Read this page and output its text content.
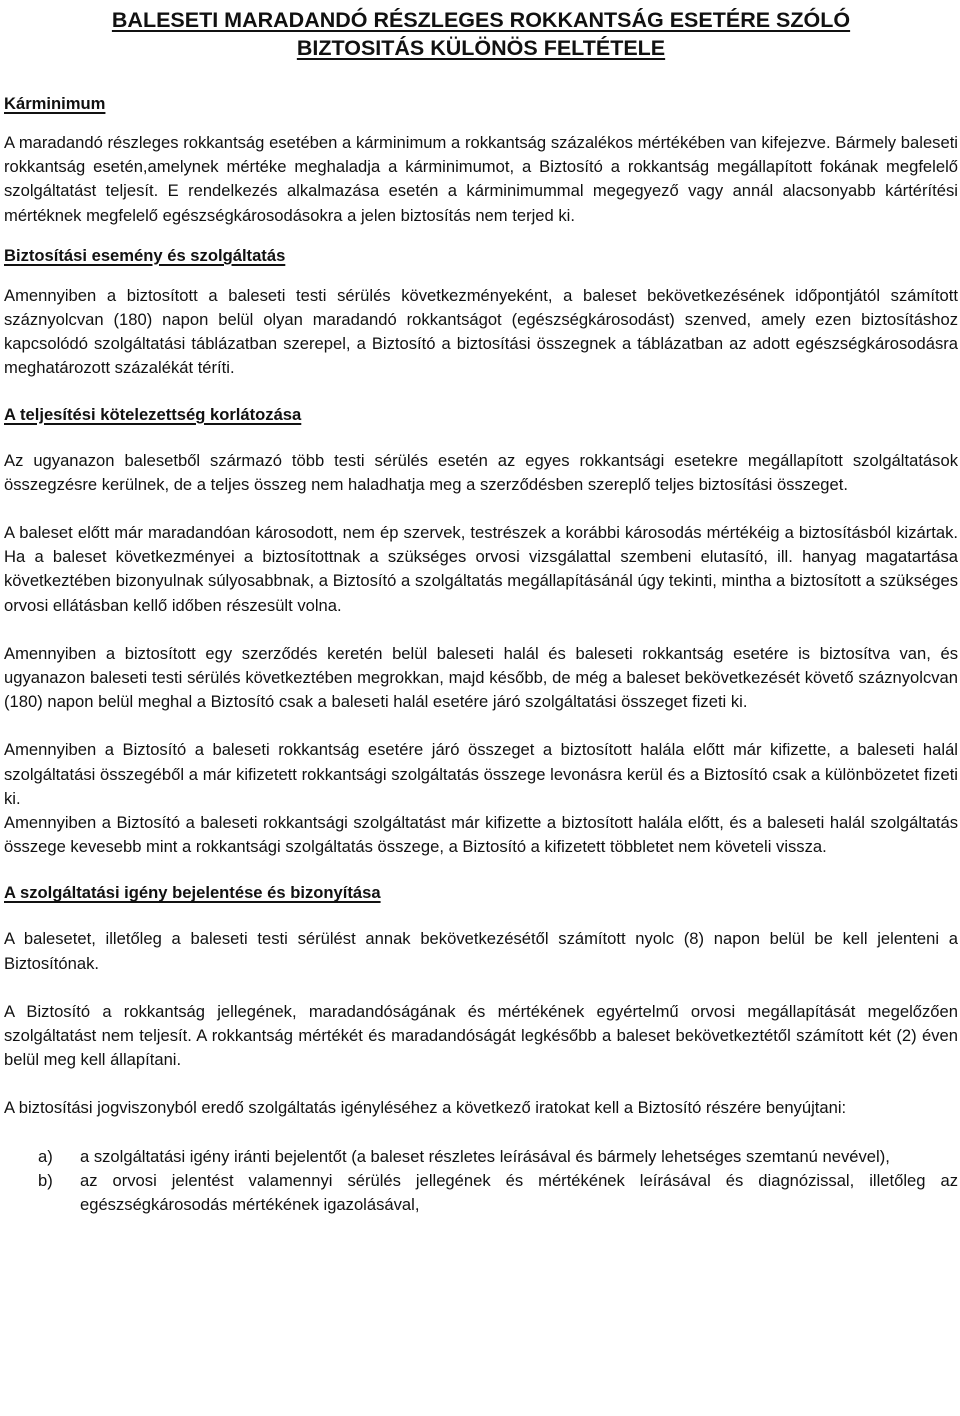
BALESETI MARADANDÓ RÉSZLEGES ROKKANTSÁG ESETÉRE SZÓLÓ
BIZTOSITÁS KÜLÖNÖS FELTÉTELE
Kárminimum

A maradandó részleges rokkantság esetében a kárminimum a rokkantság százalékos mértékében van kifejezve. Bármely baleseti rokkantság esetén,amelynek mértéke meghaladja a kárminimumot, a Biztosító a rokkantság megállapított fokának megfelelő szolgáltatást teljesít. E rendelkezés alkalmazása esetén a kárminimummal megegyező vagy annál alacsonyabb kártérítési mértéknek megfelelő egészségkárosodásokra a jelen biztosítás nem terjed ki.

Biztosítási esemény és szolgáltatás

Amennyiben a biztosított a baleseti testi sérülés következményeként, a baleset bekövetkezésének időpontjától számított száznyolcvan (180) napon belül olyan maradandó rokkantságot (egészségkárosodást) szenved, amely ezen biztosításhoz kapcsolódó szolgáltatási táblázatban szerepel, a Biztosító a biztosítási összegnek a táblázatban az adott egészségkárosodásra meghatározott százalékát téríti.

A teljesítési kötelezettség korlátozása

Az ugyanazon balesetből származó több testi sérülés esetén az egyes rokkantsági esetekre megállapított szolgáltatások összegzésre kerülnek, de a teljes összeg nem haladhatja meg a szerződésben szereplő teljes biztosítási összeget.

A baleset előtt már maradandóan károsodott, nem ép szervek, testrészek a korábbi károsodás mértékéig a biztosításból kizártak. Ha a baleset következményei a biztosítottnak a szükséges orvosi vizsgálattal szembeni elutasító, ill. hanyag magatartása következtében bizonyulnak súlyosabbnak, a Biztosító a szolgáltatás megállapításánál úgy tekinti, mintha a biztosított a szükséges orvosi ellátásban kellő időben részesült volna.

Amennyiben a biztosított egy szerződés keretén belül baleseti halál és baleseti rokkantság esetére is biztosítva van, és ugyanazon baleseti testi sérülés következtében megrokkan, majd később, de még a baleset bekövetkezését követő száznyolcvan (180) napon belül meghal a Biztosító csak a baleseti halál esetére járó szolgáltatási összeget fizeti ki.

Amennyiben a Biztosító a baleseti rokkantság esetére járó összeget a biztosított halála előtt már kifizette, a baleseti halál szolgáltatási összegéből a már kifizetett rokkantsági szolgáltatás összege levonásra kerül és a Biztosító csak a különbözetet fizeti ki.

Amennyiben a Biztosító a baleseti rokkantsági szolgáltatást már kifizette a biztosított halála előtt, és a baleseti halál szolgáltatás összege kevesebb mint a rokkantsági szolgáltatás összege, a Biztosító a kifizetett többletet nem követeli vissza.

A szolgáltatási igény bejelentése és bizonyítása

A balesetet, illetőleg a baleseti testi sérülést annak bekövetkezésétől számított nyolc (8) napon belül be kell jelenteni a Biztosítónak.

A Biztosító a rokkantság jellegének, maradandóságának és mértékének egyértelmű orvosi megállapítását megelőzően szolgáltatást nem teljesít. A rokkantság mértékét és maradandóságát legkésőbb a baleset bekövetkeztétől számított két (2) éven belül meg kell állapítani.

A biztosítási jogviszonyból eredő szolgáltatás igényléséhez a következő iratokat kell a Biztosító részére benyújtani:

a)	a szolgáltatási igény iránti bejelentőt (a baleset részletes leírásával és bármely lehetséges szemtanú nevével),
b)	az orvosi jelentést valamennyi sérülés jellegének és mértékének leírásával és diagnózissal, illetőleg az egészségkárosodás mértékének igazolásával,
